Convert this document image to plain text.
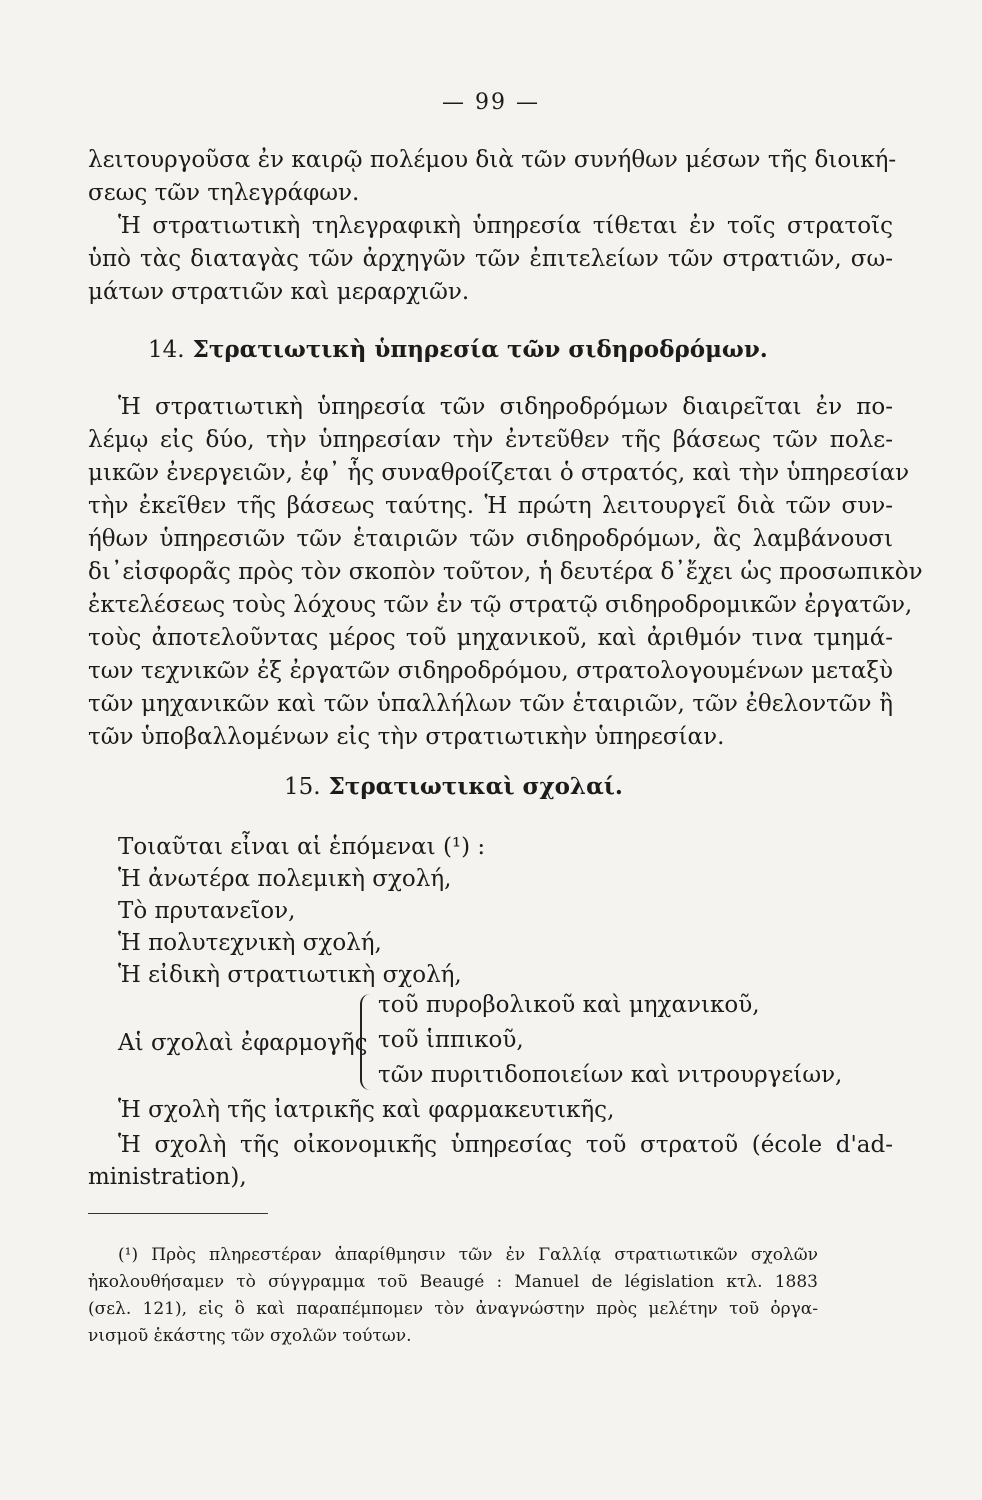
— 99 —
λειτουργοῦσα ἐν καιρῷ πολέμου διὰ τῶν συνήθων μέσων τῆς διοική-
σεως τῶν τηλεγράφων.
Ἡ στρατιωτικὴ τηλεγραφικὴ ὑπηρεσία τίθεται ἐν τοῖς στρατοῖς
ὑπὸ τὰς διαταγὰς τῶν ἀρχηγῶν τῶν ἐπιτελείων τῶν στρατιῶν, σω-
μάτων στρατιῶν καὶ μεραρχιῶν.
14. Στρατιωτικὴ ὑπηρεσία τῶν σιδηροδρόμων.
Ἡ στρατιωτικὴ ὑπηρεσία τῶν σιδηροδρόμων διαιρεῖται ἐν πο-
λέμῳ εἰς δύο, τὴν ὑπηρεσίαν τὴν ἐντεῦθεν τῆς βάσεως τῶν πολε-
μικῶν ἐνεργειῶν, ἐφ᾽ ἧς συναθροίζεται ὁ στρατός, καὶ τὴν ὑπηρεσίαν
τὴν ἐκεῖθεν τῆς βάσεως ταύτης. Ἡ πρώτη λειτουργεῖ διὰ τῶν συν-
ήθων ὑπηρεσιῶν τῶν ἑταιριῶν τῶν σιδηροδρόμων, ἃς λαμβάνουσι
δι᾽εἰσφορᾶς πρὸς τὸν σκοπὸν τοῦτον, ἡ δευτέρα δ᾽ἔχει ὡς προσωπικὸν
ἐκτελέσεως τοὺς λόχους τῶν ἐν τῷ στρατῷ σιδηροδρομικῶν ἐργατῶν,
τοὺς ἀποτελοῦντας μέρος τοῦ μηχανικοῦ, καὶ ἀριθμόν τινα τμημά-
των τεχνικῶν ἐξ ἐργατῶν σιδηροδρόμου, στρατολογουμένων μεταξὺ
τῶν μηχανικῶν καὶ τῶν ὑπαλλήλων τῶν ἑταιριῶν, τῶν ἐθελοντῶν ἢ
τῶν ὑποβαλλομένων εἰς τὴν στρατιωτικὴν ὑπηρεσίαν.
15. Στρατιωτικαὶ σχολαί.
Τοιαῦται εἶναι αἱ ἑπόμεναι (¹) :
Ἡ ἀνωτέρα πολεμικὴ σχολή,
Τὸ πρυτανεῖον,
Ἡ πολυτεχνικὴ σχολή,
Ἡ εἰδικὴ στρατιωτικὴ σχολή,
Αἱ σχολαὶ ἐφαρμογῆς
τοῦ πυροβολικοῦ καὶ μηχανικοῦ,
τοῦ ἱππικοῦ,
τῶν πυριτιδοποιείων καὶ νιτρουργείων,
Ἡ σχολὴ τῆς ἰατρικῆς καὶ φαρμακευτικῆς,
Ἡ σχολὴ τῆς οἰκονομικῆς ὑπηρεσίας τοῦ στρατοῦ (école d'ad-
ministration),
(¹) Πρὸς πληρεστέραν ἀπαρίθμησιν τῶν ἐν Γαλλίᾳ στρατιωτικῶν σχολῶν
ἠκολουθήσαμεν τὸ σύγγραμμα τοῦ Beaugé : Manuel de législation κτλ. 1883
(σελ. 121), εἰς ὃ καὶ παραπέμπομεν τὸν ἀναγνώστην πρὸς μελέτην τοῦ ὀργα-
νισμοῦ ἑκάστης τῶν σχολῶν τούτων.
